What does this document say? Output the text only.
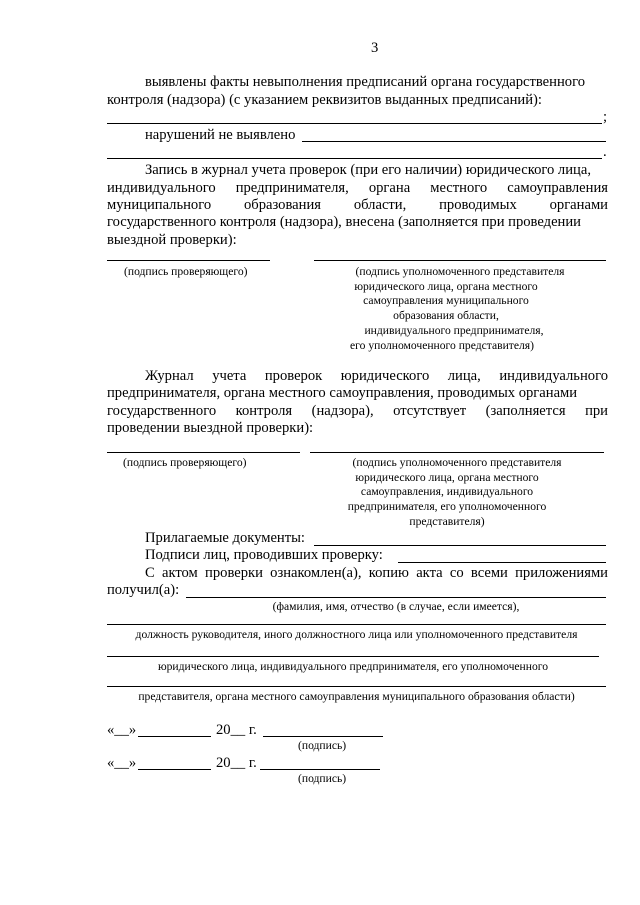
3
выявлены факты невыполнения предписаний органа государственного
контроля (надзора) (с указанием реквизитов выданных предписаний):
;
нарушений не выявлено
.
Запись в журнал учета проверок (при его наличии) юридического лица,
индивидуального предпринимателя, органа местного самоуправления
муниципального образования области, проводимых органами
государственного контроля (надзора), внесена (заполняется при проведении
выездной проверки):
(подпись проверяющего)	(подпись уполномоченного представителя
юридического лица, органа местного
самоуправления муниципального
образования области,
индивидуального предпринимателя,
его уполномоченного представителя)
Журнал учета проверок юридического лица, индивидуального
предпринимателя, органа местного самоуправления, проводимых органами
государственного контроля (надзора), отсутствует (заполняется при
проведении выездной проверки):
(подпись проверяющего)	(подпись уполномоченного представителя
юридического лица, органа местного
самоуправления, индивидуального
предпринимателя, его уполномоченного
представителя)
Прилагаемые документы:
Подписи лиц, проводивших проверку:
С актом проверки ознакомлен(а), копию акта со всеми приложениями
получил(а):
(фамилия, имя, отчество (в случае, если имеется),
должность руководителя, иного должностного лица или уполномоченного представителя
юридического лица, индивидуального предпринимателя, его уполномоченного
представителя, органа местного самоуправления муниципального образования области)
«__»	20__ г.
(подпись)
«__»	20__ г.
(подпись)
